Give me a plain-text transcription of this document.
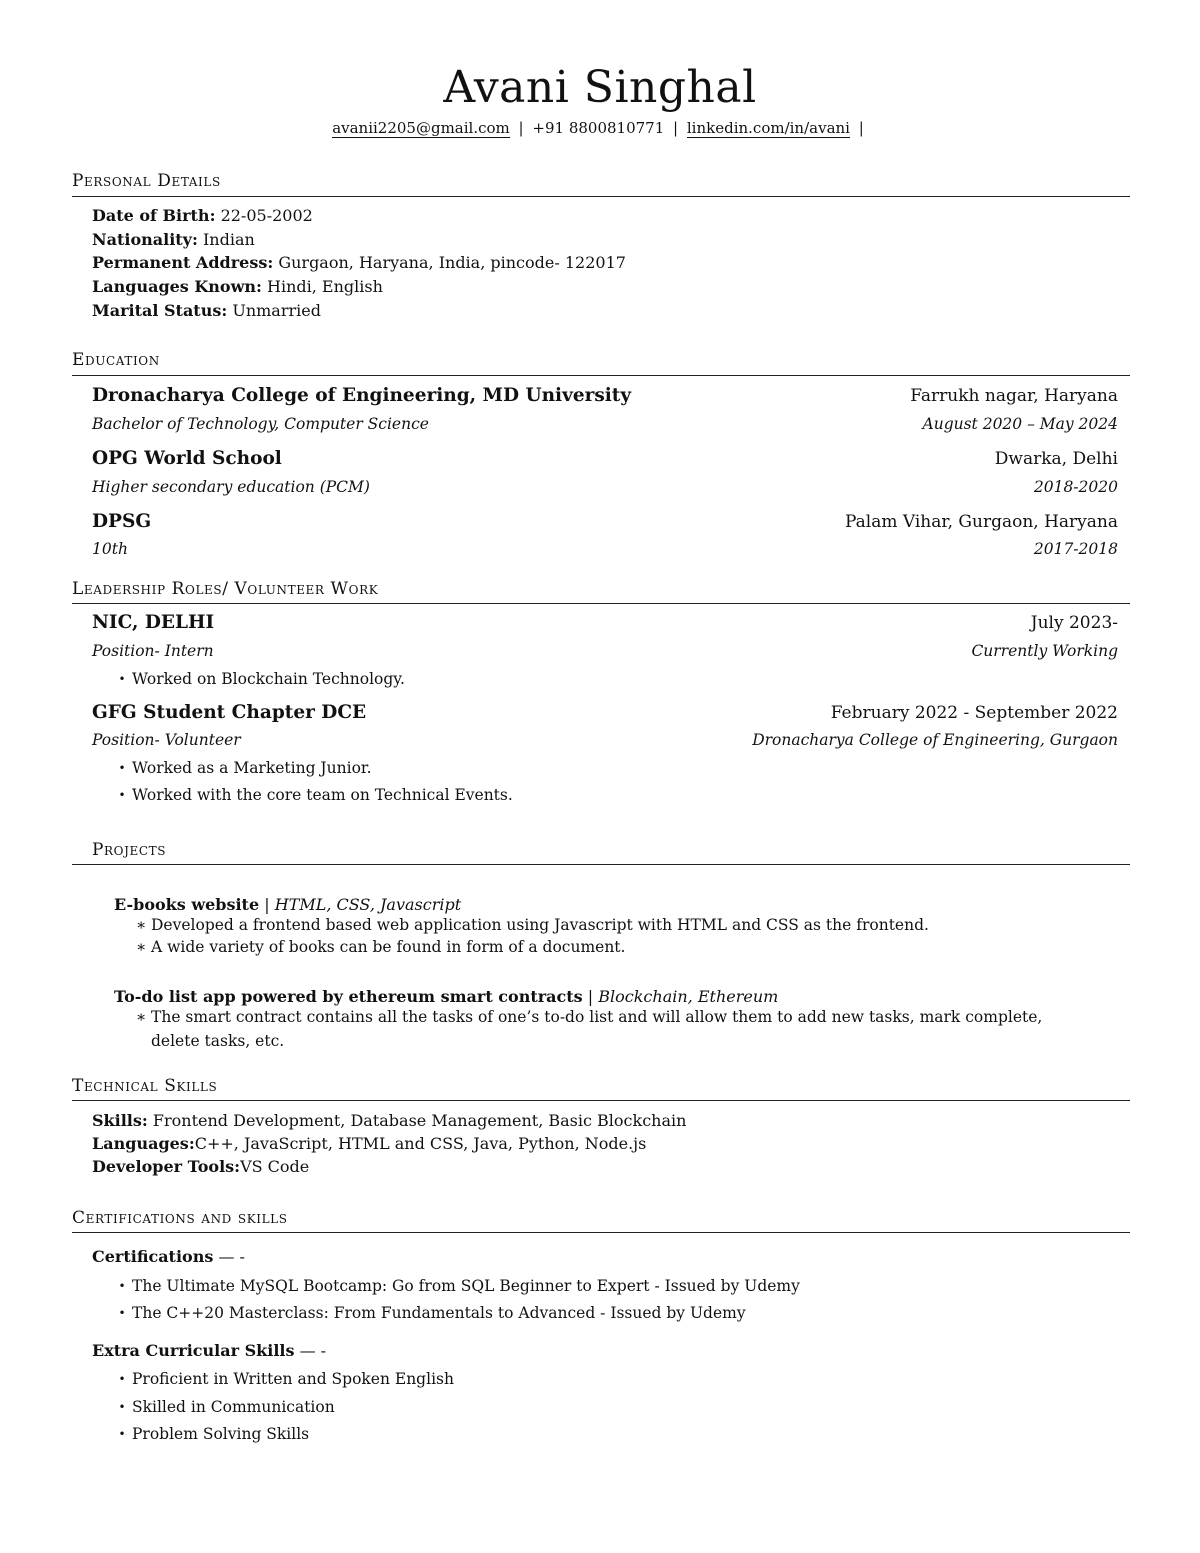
Avani Singhal
avanii2205@gmail.com | +91 8800810771 | linkedin.com/in/avani |
Personal Details
Date of Birth: 22-05-2002
Nationality: Indian
Permanent Address: Gurgaon, Haryana, India, pincode- 122017
Languages Known: Hindi, English
Marital Status: Unmarried
Education
Dronacharya College of Engineering, MD University	Farrukh nagar, Haryana
Bachelor of Technology, Computer Science	August 2020 – May 2024
OPG World School	Dwarka, Delhi
Higher secondary education (PCM)	2018-2020
DPSG	Palam Vihar, Gurgaon, Haryana
10th	2017-2018
Leadership Roles/ Volunteer Work
NIC, DELHI	July 2023-
Position- Intern	Currently Working
• Worked on Blockchain Technology.
GFG Student Chapter DCE	February 2022 - September 2022
Position- Volunteer	Dronacharya College of Engineering, Gurgaon
• Worked as a Marketing Junior.
• Worked with the core team on Technical Events.
Projects
E-books website | HTML, CSS, Javascript
∗ Developed a frontend based web application using Javascript with HTML and CSS as the frontend.
∗ A wide variety of books can be found in form of a document.
To-do list app powered by ethereum smart contracts | Blockchain, Ethereum
∗ The smart contract contains all the tasks of one’s to-do list and will allow them to add new tasks, mark complete,
delete tasks, etc.
Technical Skills
Skills: Frontend Development, Database Management, Basic Blockchain
Languages:C++, JavaScript, HTML and CSS, Java, Python, Node.js
Developer Tools:VS Code
Certifications and skills
Certifications — -
• The Ultimate MySQL Bootcamp: Go from SQL Beginner to Expert - Issued by Udemy
• The C++20 Masterclass: From Fundamentals to Advanced - Issued by Udemy
Extra Curricular Skills — -
• Proficient in Written and Spoken English
• Skilled in Communication
• Problem Solving Skills
